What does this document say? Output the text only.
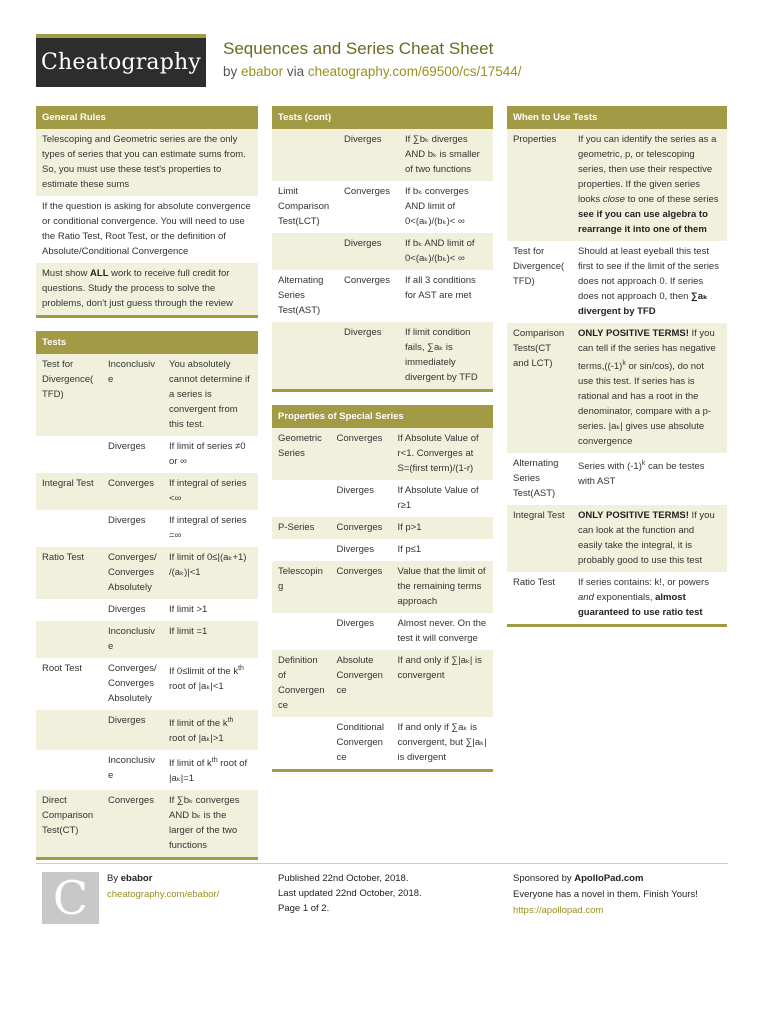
Cheatography
Sequences and Series Cheat Sheet
by ebabor via cheatography.com/69500/cs/17544/
General Rules
Telescoping and Geometric series are the only types of series that you can estimate sums from. So, you must use these test's properties to estimate these sums
If the question is asking for absolute convergence or conditional convergence. You will need to use the Ratio Test, Root Test, or the definition of Absolute/Conditional Convergence
Must show ALL work to receive full credit for questions. Study the process to solve the problems, don't just guess through the review
Tests
Test for Divergence( TFD)	Inconclusiv e	You absolutely cannot determine if a series is convergent from this test.
	Diverges	If limit of series ≠0 or ∞
Integral Test	Converges	If integral of series <∞
	Diverges	If integral of series =∞
Ratio Test	Converges/ Converges Absolutely	If limit of 0≤|(aₖ+1) /(aₖ)|<1
	Diverges	If limit >1
	Inconclusiv e	If limit =1
Root Test	Converges/ Converges Absolutely	If 0≤limit of the $k^{th}$ root of |aₖ|<1
	Diverges	If limit of the $k^{th}$ root of |aₖ|>1
	Inconclusiv e	If limit of $k^{th}$ root of |aₖ|=1
Direct Comparison Test(CT)	Converges	If ∑bₖ converges AND bₖ is the larger of the two functions
Tests (cont)
	Diverges	If ∑bₖ diverges AND bₖ is smaller of two functions
Limit Comparison Test(LCT)	Converges	If bₖ converges AND limit of 0<(aₖ)/(bₖ)< ∞
	Diverges	If bₖ AND limit of 0<(aₖ)/(bₖ)< ∞
Alternating Series Test(AST)	Converges	If all 3 conditions for AST are met
	Diverges	If limit condition fails, ∑aₖ is immediately divergent by TFD
Properties of Special Series
Geometric Series	Converges	If Absolute Value of r<1. Converges at S=(first term)/(1-r)
	Diverges	If Absolute Value of r≥1
P-Series	Converges	If p>1
	Diverges	If p≤1
Telescopin g	Converges	Value that the limit of the remaining terms approach
	Diverges	Almost never. On the test it will converge
Definition of Convergen ce	Absolute Convergen ce	If and only if ∑|aₖ| is convergent
	Conditional Convergen ce	If and only if ∑aₖ is convergent, but ∑|aₖ| is divergent
When to Use Tests
Properties	If you can identify the series as a geometric, p, or telescoping series, then use their respective properties. If the given series looks close to one of these series see if you can use algebra to rearrange it into one of them
Test for Divergence( TFD)	Should at least eyeball this test first to see if the limit of the series does not approach 0. If series does not approach 0, then ∑aₖ divergent by TFD
Comparison Tests(CT and LCT)	ONLY POSITIVE TERMS! If you can tell if the series has negative $terms,((-1)^k$ or sin/cos), do not use this test. If series has is rational and has a root in the denominator, compare with a p-series. |aₖ| gives use absolute convergence
Alternating Series Test(AST)	Series with $(-1)^k$ can be testes with AST
Integral Test	ONLY POSITIVE TERMS! If you can look at the function and easily take the integral, it is probably good to use this test
Ratio Test	If series contains: k!, or powers and exponentials, almost guaranteed to use ratio test
C	By ebabor
cheatography.com/ebabor/
Published 22nd October, 2018.
Last updated 22nd October, 2018.
Page 1 of 2.
Sponsored by ApolloPad.com
Everyone has a novel in them. Finish Yours!
https://apollopad.com
